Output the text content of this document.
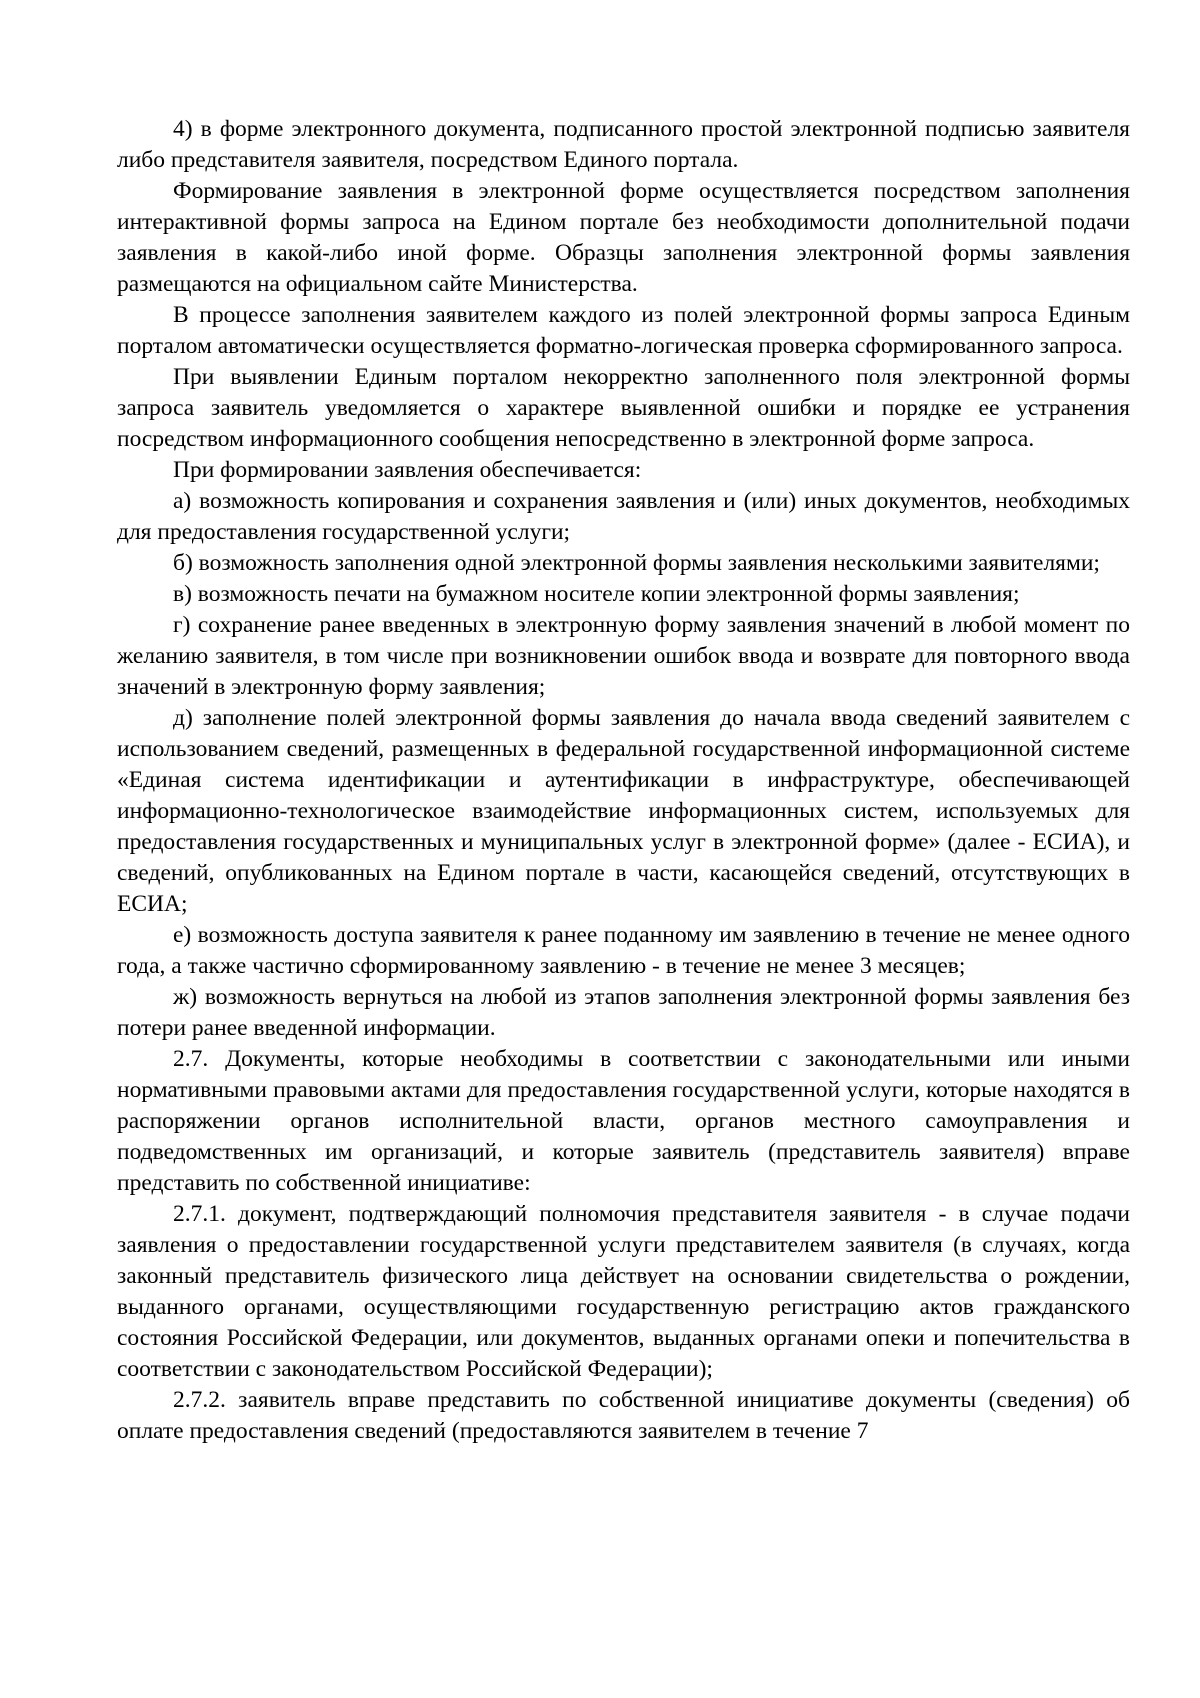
4) в форме электронного документа, подписанного простой электронной подписью заявителя либо представителя заявителя, посредством Единого портала.

Формирование заявления в электронной форме осуществляется посредством заполнения интерактивной формы запроса на Едином портале без необходимости дополнительной подачи заявления в какой-либо иной форме. Образцы заполнения электронной формы заявления размещаются на официальном сайте Министерства.

В процессе заполнения заявителем каждого из полей электронной формы запроса Единым порталом автоматически осуществляется форматно-логическая проверка сформированного запроса.

При выявлении Единым порталом некорректно заполненного поля электронной формы запроса заявитель уведомляется о характере выявленной ошибки и порядке ее устранения посредством информационного сообщения непосредственно в электронной форме запроса.

При формировании заявления обеспечивается:

а) возможность копирования и сохранения заявления и (или) иных документов, необходимых для предоставления государственной услуги;

б) возможность заполнения одной электронной формы заявления несколькими заявителями;

в) возможность печати на бумажном носителе копии электронной формы заявления;

г) сохранение ранее введенных в электронную форму заявления значений в любой момент по желанию заявителя, в том числе при возникновении ошибок ввода и возврате для повторного ввода значений в электронную форму заявления;

д) заполнение полей электронной формы заявления до начала ввода сведений заявителем с использованием сведений, размещенных в федеральной государственной информационной системе «Единая система идентификации и аутентификации в инфраструктуре, обеспечивающей информационно-технологическое взаимодействие информационных систем, используемых для предоставления государственных и муниципальных услуг в электронной форме» (далее - ЕСИА), и сведений, опубликованных на Едином портале в части, касающейся сведений, отсутствующих в ЕСИА;

е) возможность доступа заявителя к ранее поданному им заявлению в течение не менее одного года, а также частично сформированному заявлению - в течение не менее 3 месяцев;

ж) возможность вернуться на любой из этапов заполнения электронной формы заявления без потери ранее введенной информации.

2.7. Документы, которые необходимы в соответствии с законодательными или иными нормативными правовыми актами для предоставления государственной услуги, которые находятся в распоряжении органов исполнительной власти, органов местного самоуправления и подведомственных им организаций, и которые заявитель (представитель заявителя) вправе представить по собственной инициативе:

2.7.1. документ, подтверждающий полномочия представителя заявителя - в случае подачи заявления о предоставлении государственной услуги представителем заявителя (в случаях, когда законный представитель физического лица действует на основании свидетельства о рождении, выданного органами, осуществляющими государственную регистрацию актов гражданского состояния Российской Федерации, или документов, выданных органами опеки и попечительства в соответствии с законодательством Российской Федерации);

2.7.2. заявитель вправе представить по собственной инициативе документы (сведения) об оплате предоставления сведений (предоставляются заявителем в течение 7
